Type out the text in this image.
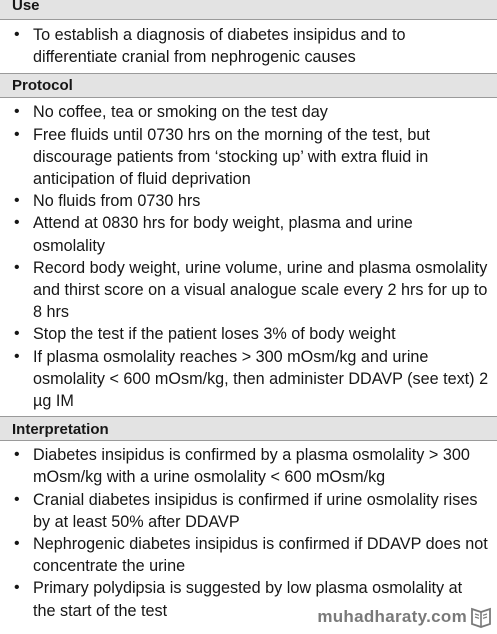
Use
• To establish a diagnosis of diabetes insipidus and to differentiate cranial from nephrogenic causes
Protocol
• No coffee, tea or smoking on the test day
• Free fluids until 0730 hrs on the morning of the test, but discourage patients from ‘stocking up’ with extra fluid in anticipation of fluid deprivation
• No fluids from 0730 hrs
• Attend at 0830 hrs for body weight, plasma and urine osmolality
• Record body weight, urine volume, urine and plasma osmolality and thirst score on a visual analogue scale every 2 hrs for up to 8 hrs
• Stop the test if the patient loses 3% of body weight
• If plasma osmolality reaches > 300 mOsm/kg and urine osmolality < 600 mOsm/kg, then administer DDAVP (see text) 2 µg IM
Interpretation
• Diabetes insipidus is confirmed by a plasma osmolality > 300 mOsm/kg with a urine osmolality < 600 mOsm/kg
• Cranial diabetes insipidus is confirmed if urine osmolality rises by at least 50% after DDAVP
• Nephrogenic diabetes insipidus is confirmed if DDAVP does not concentrate the urine
• Primary polydipsia is suggested by low plasma osmolality at the start of the test	muhadharaty.com
